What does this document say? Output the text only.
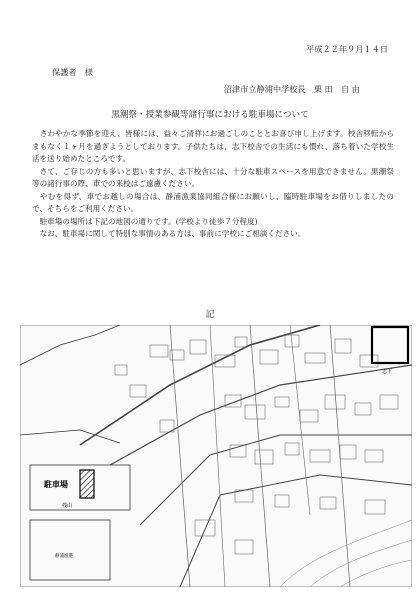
平成２２年９月１４日
保護者　様
沼津市立静浦中学校長　栗 田　自 由
黒潮祭・授業参観等諸行事における駐車場について

　さわやかな季節を迎え、皆様には、益々ご清祥にお過ごしのこととお喜び申し上げます。校舎移転からまもなく１ヶ月を過ぎようとしております。子供たちは、志下校舎での生活にも慣れ、落ち着いた学校生活を送り始めたところです。

　さて、ご存じの方も多いと思いますが、志下校舎には、十分な駐車スペースを用意できません。黒潮祭等の諸行事の際、車での来校はご遠慮ください。

　やむを得ず、車でお越しの場合は、静浦漁業協同組合様にお願いし、臨時駐車場をお借りしましたので、そちらをご利用ください。

　駐車場の場所は下記の地図の通りです。(学校より徒歩７分程度)

　なお、駐車場に関して特別な事情のある方は、事前に学校にご相談ください。

記
駐車場
桟山
静浦漁港
志下
